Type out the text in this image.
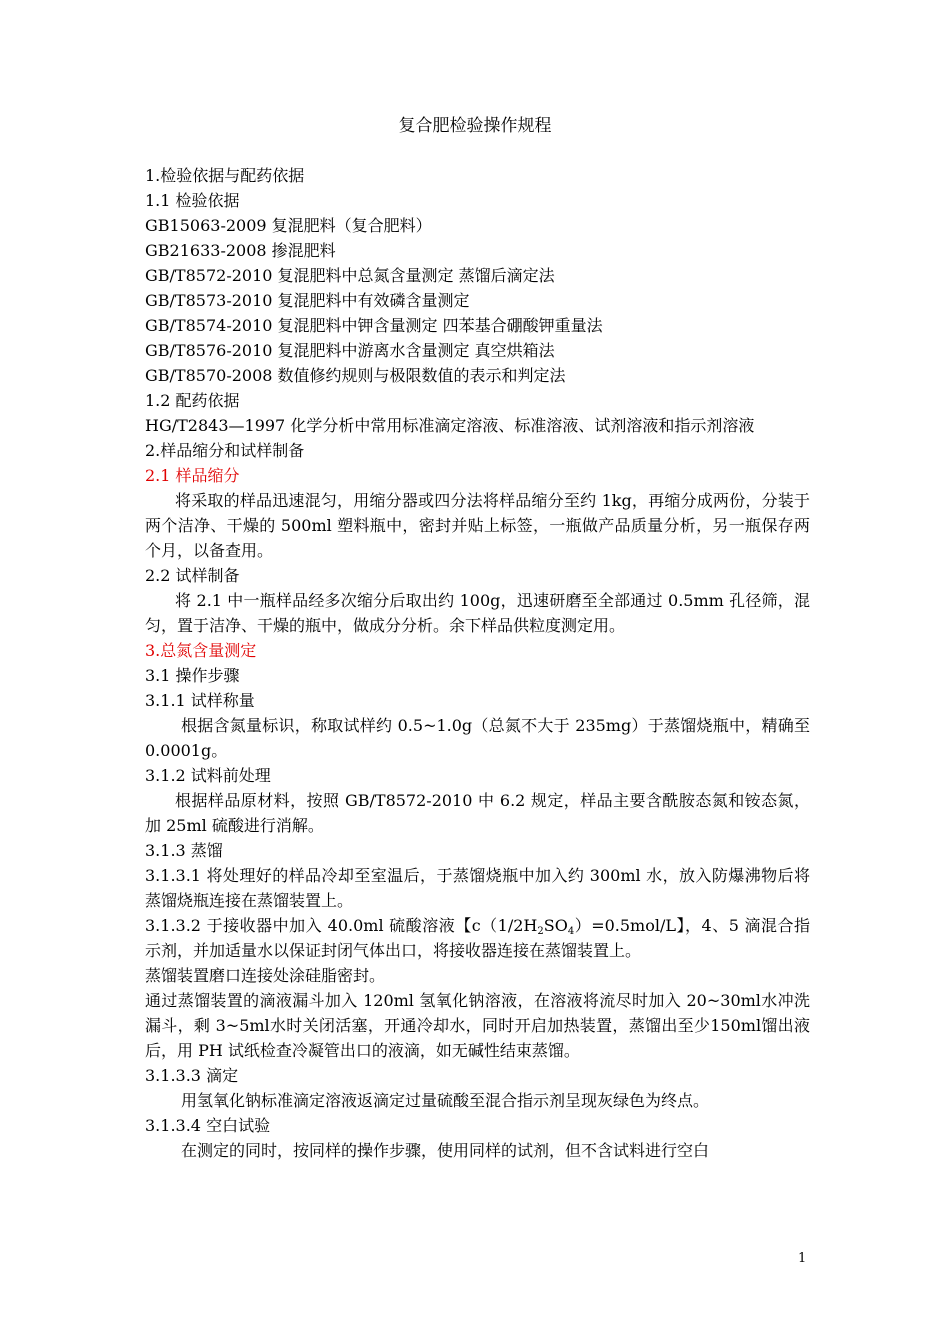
复合肥检验操作规程

1.检验依据与配药依据

1.1 检验依据

GB15063-2009 复混肥料（复合肥料）

GB21633-2008 掺混肥料

GB/T8572-2010 复混肥料中总氮含量测定 蒸馏后滴定法

GB/T8573-2010 复混肥料中有效磷含量测定

GB/T8574-2010 复混肥料中钾含量测定 四苯基合硼酸钾重量法

GB/T8576-2010 复混肥料中游离水含量测定 真空烘箱法

GB/T8570-2008 数值修约规则与极限数值的表示和判定法

1.2 配药依据

HG/T2843—1997 化学分析中常用标准滴定溶液、标准溶液、试剂溶液和指示剂溶液

2.样品缩分和试样制备

2.1 样品缩分

将采取的样品迅速混匀，用缩分器或四分法将样品缩分至约 1kg，再缩分成两份，分装于两个洁净、干燥的 500ml 塑料瓶中，密封并贴上标签，一瓶做产品质量分析，另一瓶保存两个月，以备查用。

2.2 试样制备

将 2.1 中一瓶样品经多次缩分后取出约 100g，迅速研磨至全部通过 0.5mm 孔径筛，混匀，置于洁净、干燥的瓶中，做成分分析。余下样品供粒度测定用。

3.总氮含量测定

3.1 操作步骤

3.1.1 试样称量

根据含氮量标识，称取试样约 0.5~1.0g（总氮不大于 235mg）于蒸馏烧瓶中，精确至 0.0001g。

3.1.2 试料前处理

根据样品原材料，按照 GB/T8572-2010 中 6.2 规定，样品主要含酰胺态氮和铵态氮，加 25ml 硫酸进行消解。

3.1.3 蒸馏

3.1.3.1 将处理好的样品冷却至室温后，于蒸馏烧瓶中加入约 300ml 水，放入防爆沸物后将蒸馏烧瓶连接在蒸馏装置上。

3.1.3.2 于接收器中加入 40.0ml 硫酸溶液【$c(1/2H_2SO_4)=0.5mol/L$】，4、5 滴混合指示剂，并加适量水以保证封闭气体出口，将接收器连接在蒸馏装置上。

蒸馏装置磨口连接处涂硅脂密封。

通过蒸馏装置的滴液漏斗加入 120ml 氢氧化钠溶液，在溶液将流尽时加入 20~30ml水冲洗漏斗，剩 3~5ml水时关闭活塞，开通冷却水，同时开启加热装置，蒸馏出至少150ml馏出液后，用 PH 试纸检查冷凝管出口的液滴，如无碱性结束蒸馏。

3.1.3.3 滴定

用氢氧化钠标准滴定溶液返滴定过量硫酸至混合指示剂呈现灰绿色为终点。

3.1.3.4 空白试验

在测定的同时，按同样的操作步骤，使用同样的试剂，但不含试料进行空白

1
